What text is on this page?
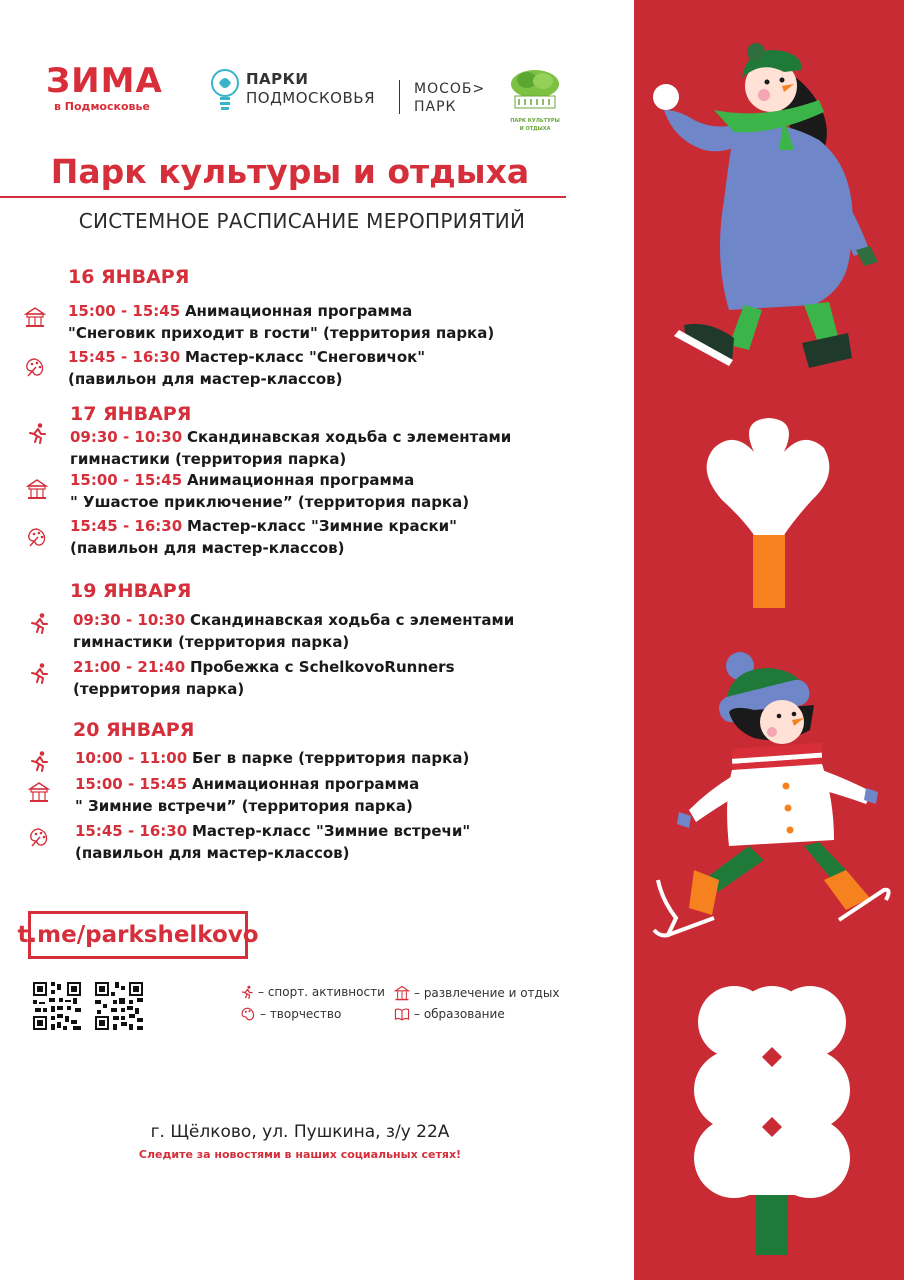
ЗИМА
в Подмосковье
ПАРКИ
ПОДМОСКОВЬЯ	МОСОБ>
ПАРК
ПАРК КУЛЬТУРЫ
И ОТДЫХА
Парк культуры и отдыха
СИСТЕМНОЕ РАСПИСАНИЕ МЕРОПРИЯТИЙ
16 ЯНВАРЯ
15:00 - 15:45 Анимационная программа
"Снеговик приходит в гости" (территория парка)
15:45 - 16:30 Мастер-класс "Снеговичок"
(павильон для мастер-классов)
17 ЯНВАРЯ
09:30 - 10:30 Скандинавская ходьба с элементами
гимнастики (территория парка)
15:00 - 15:45 Анимационная программа
" Ушастое приключение” (территория парка)
15:45 - 16:30 Мастер-класс "Зимние краски"
(павильон для мастер-классов)
19 ЯНВАРЯ
09:30 - 10:30 Скандинавская ходьба с элементами
гимнастики (территория парка)
21:00 - 21:40 Пробежка с SchelkovoRunners
(территория парка)
20 ЯНВАРЯ
10:00 - 11:00 Бег в парке (территория парка)
15:00 - 15:45 Анимационная программа
" Зимние встречи” (территория парка)
15:45 - 16:30 Мастер-класс "Зимние встречи"
(павильон для мастер-классов)
t.me/parkshelkovo
– спорт. активности – развлечение и отдых
– творчество	– образование
г. Щёлково, ул. Пушкина, з/у 22А
Следите за новостями в наших социальных сетях!
